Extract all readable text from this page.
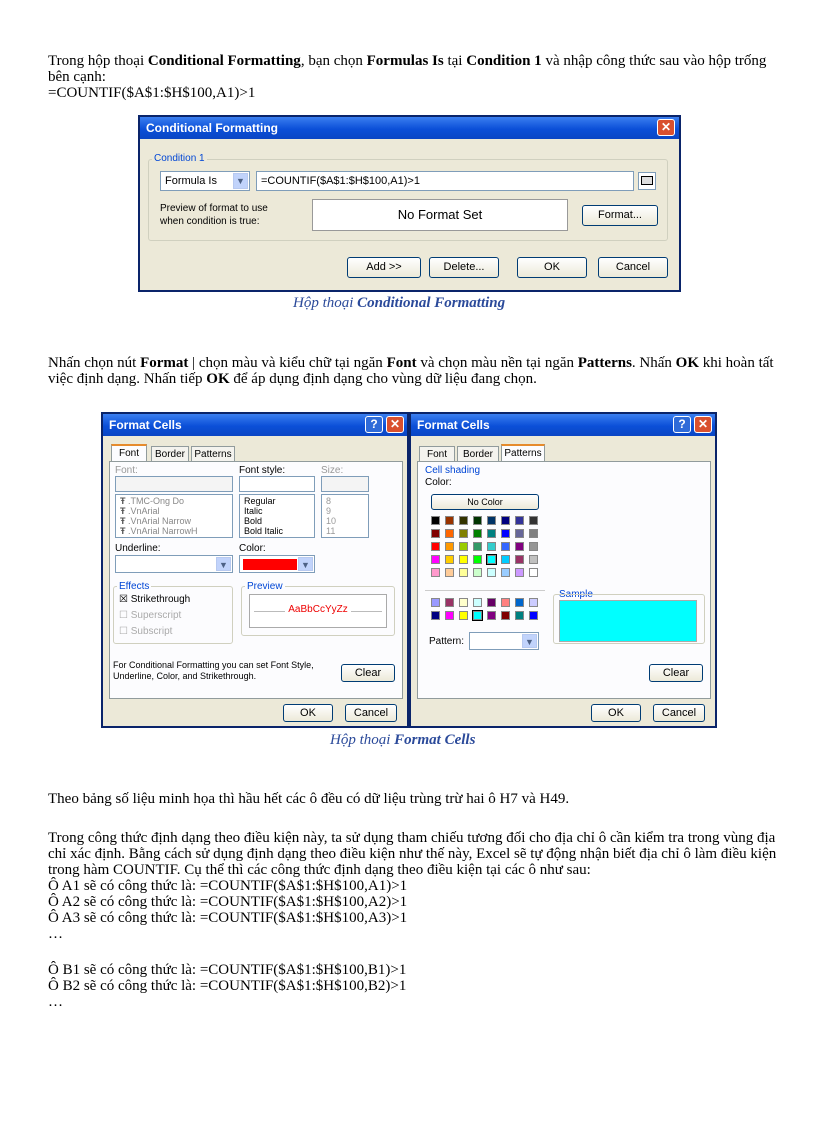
Trong hộp thoại Conditional Formatting, bạn chọn Formulas Is tại Condition 1 và nhập công thức sau vào hộp trống bên cạnh:
=COUNTIF($A$1:$H$100,A1)>1
Conditional Formatting	✕
Condition 1
Formula Is	▼	=COUNTIF($A$1:$H$100,A1)>1
Preview of format to use
when condition is true:	No Format Set	Format...
Add >>	Delete...	OK	Cancel
Hộp thoại Conditional Formatting
Nhấn chọn nút Format | chọn màu và kiểu chữ tại ngăn Font và chọn màu nền tại ngăn Patterns. Nhấn OK khi hoàn tất việc định dạng. Nhấn tiếp OK để áp dụng định dạng cho vùng dữ liệu đang chọn.
Format Cells	?	✕
Font	Border Patterns
Font:	Font style:	Size:
Ŧ .TMC-Ong Do
Ŧ .VnArial
Ŧ .VnArial Narrow
Ŧ .VnArial NarrowH
Regular
Italic
Bold
Bold Italic
8
9
10
11
Underline:
▼
Color:
▼
Effects
☒ Strikethrough
☐ Superscript
☐ Subscript
Preview
AaBbCcYyZz
For Conditional Formatting you can set Font Style,
Underline, Color, and Strikethrough.	Clear
OK	Cancel
Format Cells	?	✕
Font	Border	Patterns
Cell shading
Color:
No Color
Sample
Pattern:	▼
Clear
OK	Cancel
Hộp thoại Format Cells
Theo bảng số liệu minh họa thì hầu hết các ô đều có dữ liệu trùng trừ hai ô H7 và H49.
Trong công thức định dạng theo điều kiện này, ta sử dụng tham chiếu tương đối cho địa chỉ ô cần kiểm tra trong vùng địa chỉ xác định. Bằng cách sử dụng định dạng theo điều kiện như thế này, Excel sẽ tự động nhận biết địa chỉ ô làm điều kiện trong hàm COUNTIF. Cụ thể thì các công thức định dạng theo điều kiện tại các ô như sau:
Ô A1 sẽ có công thức là: =COUNTIF($A$1:$H$100,A1)>1
Ô A2 sẽ có công thức là: =COUNTIF($A$1:$H$100,A2)>1
Ô A3 sẽ có công thức là: =COUNTIF($A$1:$H$100,A3)>1
…
Ô B1 sẽ có công thức là: =COUNTIF($A$1:$H$100,B1)>1
Ô B2 sẽ có công thức là: =COUNTIF($A$1:$H$100,B2)>1
…
